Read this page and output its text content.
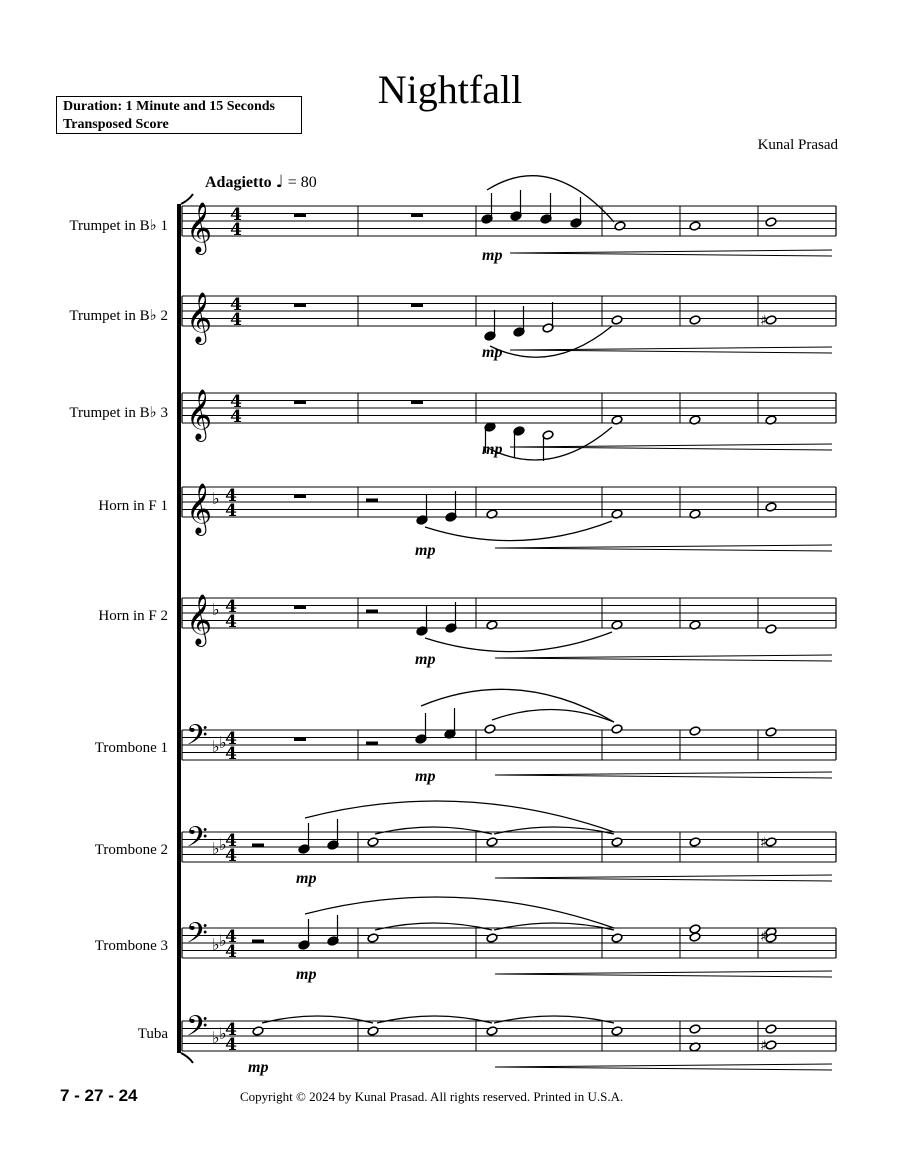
Nightfall
Duration: 1 Minute and 15 Seconds
Transposed Score
Kunal Prasad
Adagietto ♩ = 80
Trumpet in B♭ 1
Trumpet in B♭ 2
Trumpet in B♭ 3
Horn in F 1
Horn in F 2
Trombone 1
Trombone 2
Trombone 3
Tuba
𝄞 4
4
𝄞 4
4
𝄞 4
4
𝄞 ♭ 4
4
𝄞 ♭ 4
4
𝄢 ♭ ♭
4
4
𝄢 ♭ ♭
4
4
𝄢 ♭ ♭
4
4
𝄢 ♭ ♭
4
4
mp
♯
mp
mp
mp
mp
mp
♯
mp
♯
mp
♯
mp
7 - 27 - 24	Copyright © 2024 by Kunal Prasad. All rights reserved. Printed in U.S.A.
